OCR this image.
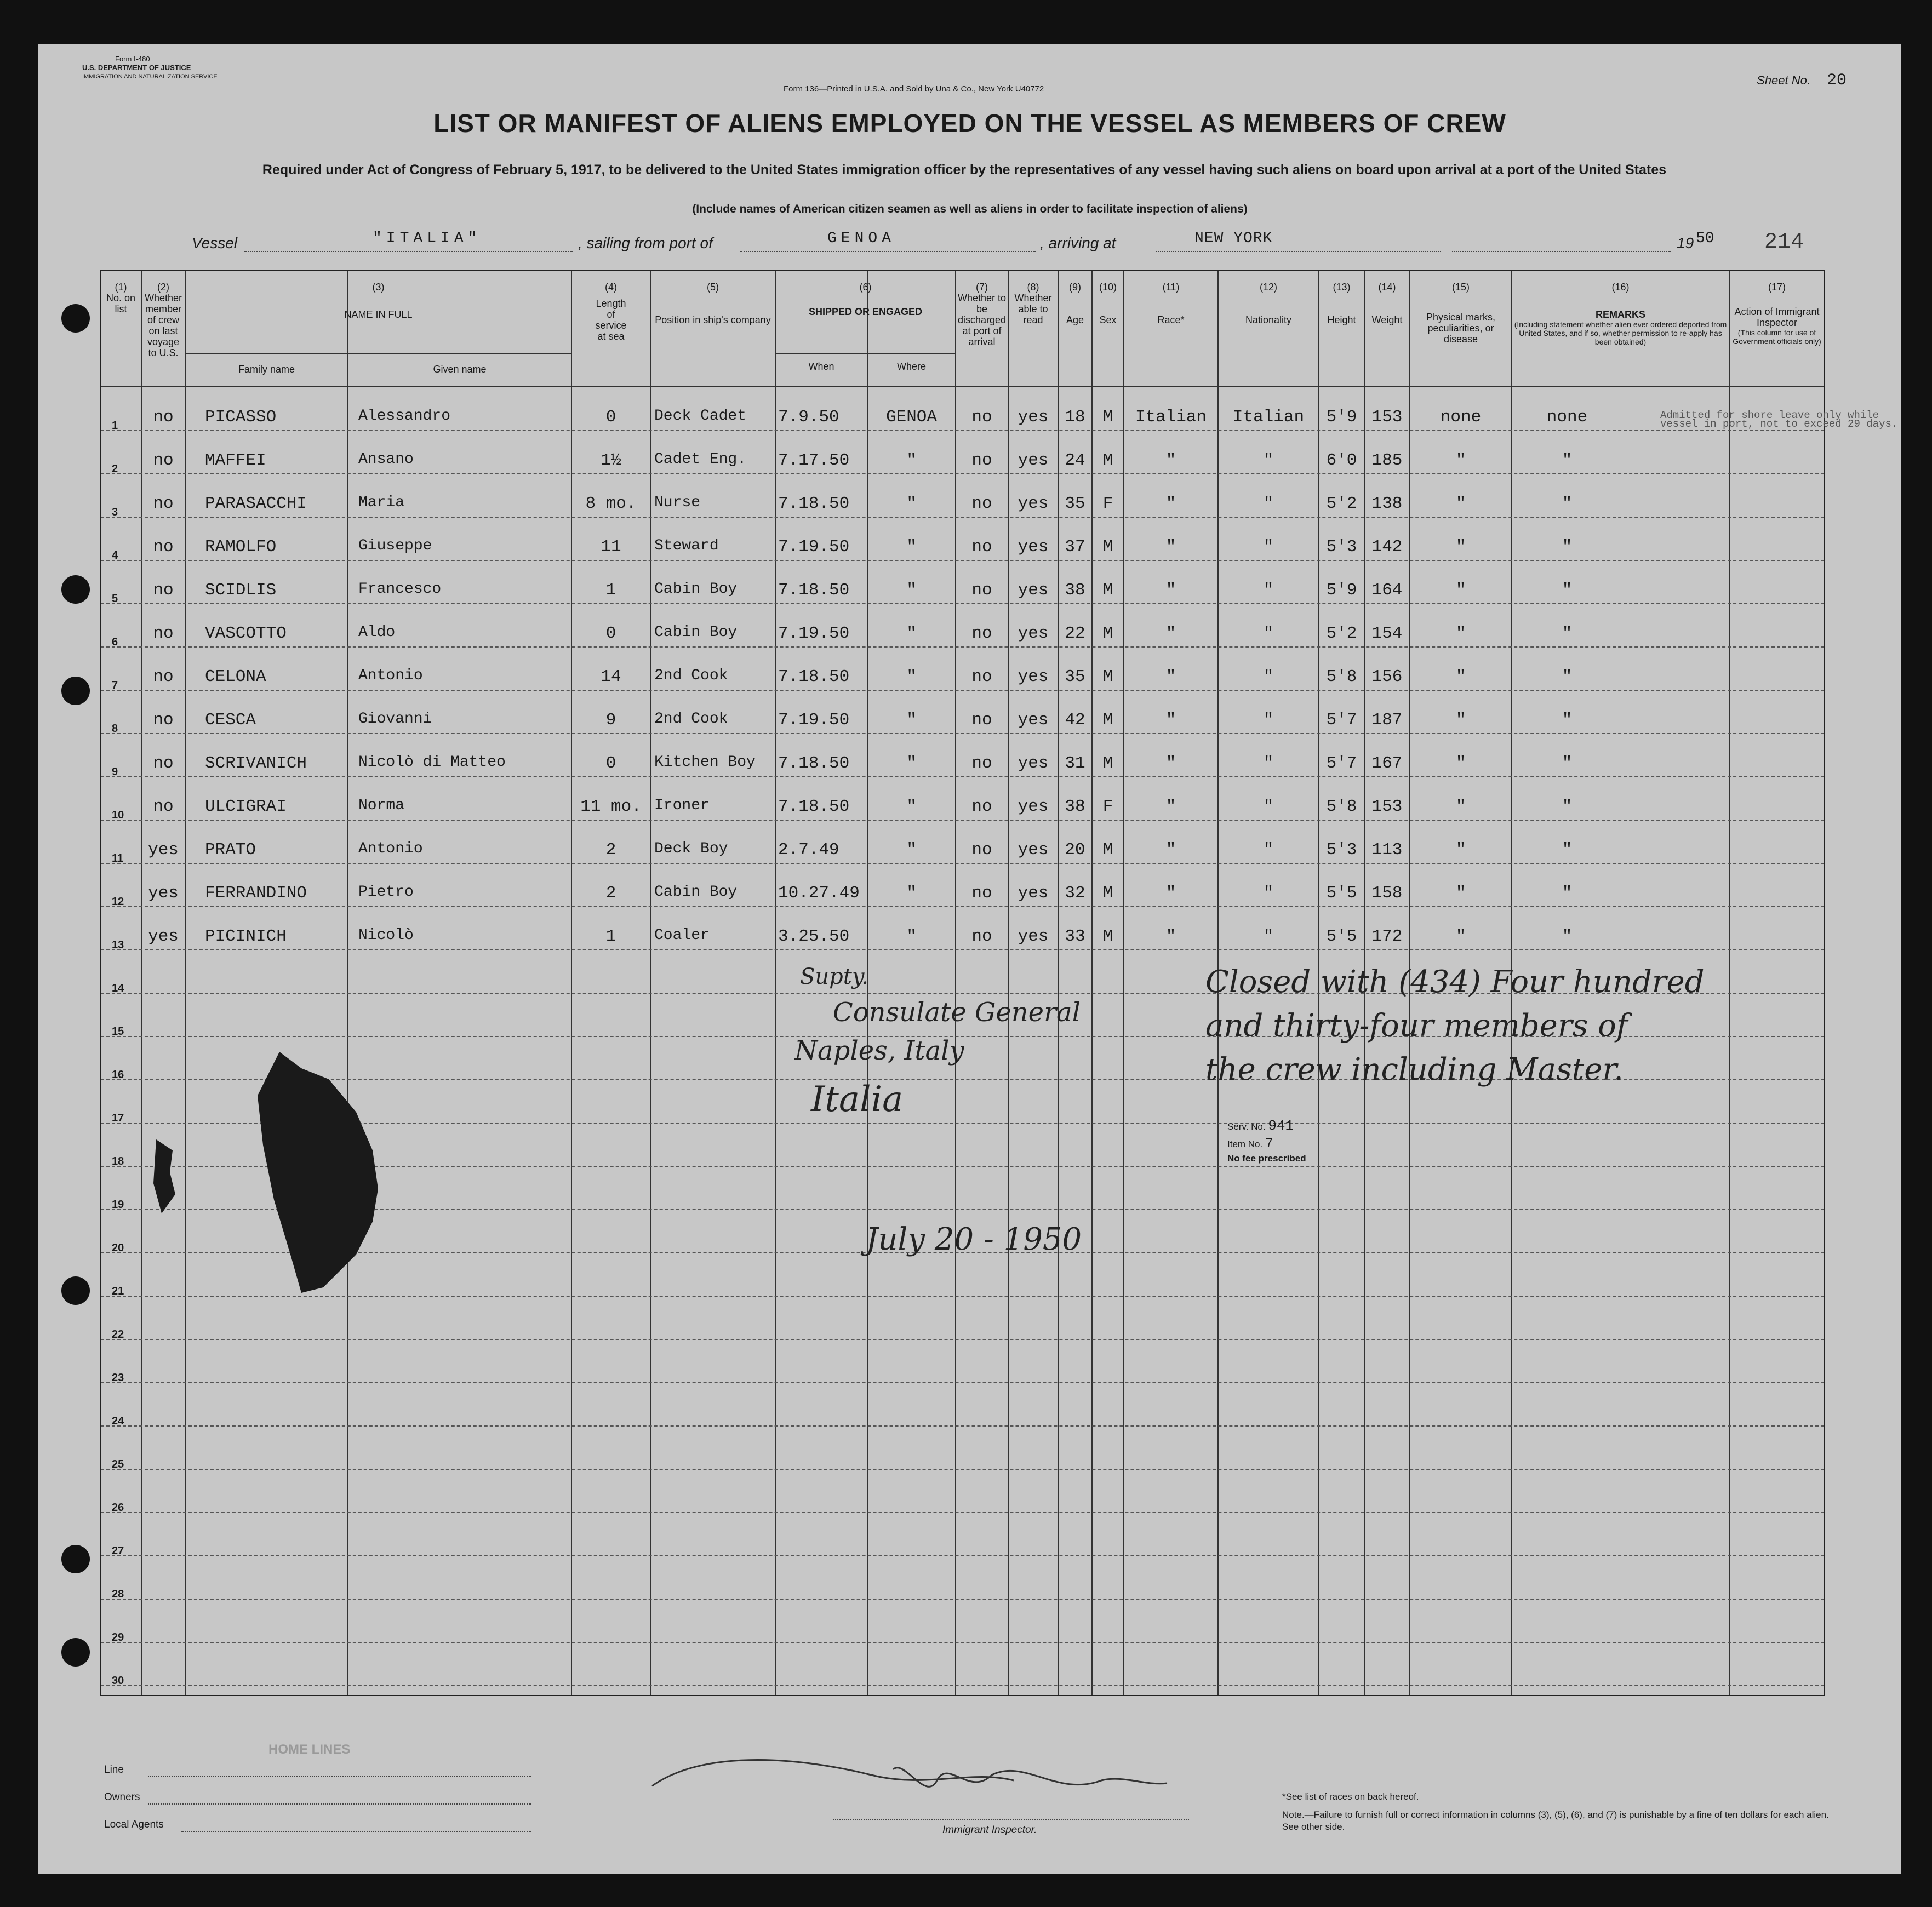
Form I-480
U.S. DEPARTMENT OF JUSTICE
IMMIGRATION AND NATURALIZATION SERVICE
Form 136—Printed in U.S.A. and Sold by Una & Co., New York U40772
Sheet No. 20
LIST OR MANIFEST OF ALIENS EMPLOYED ON THE VESSEL AS MEMBERS OF CREW
Required under Act of Congress of February 5, 1917, to be delivered to the United States immigration officer by the representatives of any vessel having such aliens on board upon arrival at a port of the United States
(Include names of American citizen seamen as well as aliens in order to facilitate inspection of aliens)
Vessel	"ITALIA"	, sailing from port of	GENOA	, arriving at	NEW YORK	19 50 214
(1)
No. on list
(2)
Whether member of crew on last voyage to U.S.
(3)
NAME IN FULL
Family name	Given name
(4)
Length of service at sea
(5)
Position in ship's company
(6)
SHIPPED OR ENGAGED
When	Where
(7)
Whether to be discharged at port of arrival
(8)
Whether able to read
(9)
Age
(10)
Sex
(11)
Race*
(12)
Nationality
(13)
Height
(14)
Weight
(15)
Physical marks, peculiarities, or disease
(16)
REMARKS
(Including statement whether alien ever ordered deported from United States, and if so, whether permission to re-apply has been obtained)
(17)
Action of Immigrant Inspector
(This column for use of Government officials only)
1	no	PICASSO	Alessandro	0	Deck Cadet	7.9.50	GENOA	no	yes 18	M	Italian	Italian	5'9 153	none	none
2	no	MAFFEI	Ansano	1½	Cadet Eng.	7.17.50	"	no	yes 24	M	"	"	6'0 185	"	"
3	no	PARASACCHI	Maria	8 mo.	Nurse	7.18.50	"	no	yes 35	F	"	"	5'2 138	"	"
4	no	RAMOLFO	Giuseppe	11	Steward	7.19.50	"	no	yes 37	M	"	"	5'3 142	"	"
5	no	SCIDLIS	Francesco	1	Cabin Boy	7.18.50	"	no	yes 38	M	"	"	5'9 164	"	"
6	no	VASCOTTO	Aldo	0	Cabin Boy	7.19.50	"	no	yes 22	M	"	"	5'2 154	"	"
7	no	CELONA	Antonio	14	2nd Cook	7.18.50	"	no	yes 35	M	"	"	5'8 156	"	"
8	no	CESCA	Giovanni	9	2nd Cook	7.19.50	"	no	yes 42	M	"	"	5'7 187	"	"
9	no	SCRIVANICH	Nicolò di Matteo	0	Kitchen Boy	7.18.50	"	no	yes 31	M	"	"	5'7 167	"	"
10	no	ULCIGRAI	Norma	11 mo. Ironer	7.18.50	"	no	yes 38	F	"	"	5'8 153	"	"
11	yes	PRATO	Antonio	2	Deck Boy	2.7.49	"	no	yes 20	M	"	"	5'3 113	"	"
12	yes	FERRANDINO	Pietro	2	Cabin Boy	10.27.49	"	no	yes 32	M	"	"	5'5 158	"	"
13	yes	PICINICH	Nicolò	1	Coaler	3.25.50	"	no	yes 33	M	"	"	5'5 172	"	"
14
15
16
17
18
19
20
21
22
23
24
25
26
27
28
29
30
Admitted for shore leave only while vessel in port, not to exceed 29 days.
Closed with (434) Four hundred
and thirty-four members of
the crew including Master.
Supty.
Consulate General
Naples, Italy
Italia
July 20 - 1950
Serv. No. 941
Item No. 7
No fee prescribed
Line
HOME LINES
Owners
Local Agents	Immigrant Inspector.
*See list of races on back hereof.
Note.—Failure to furnish full or correct information in columns (3), (5), (6), and (7) is punishable by a fine of ten dollars for each alien. See other side.
